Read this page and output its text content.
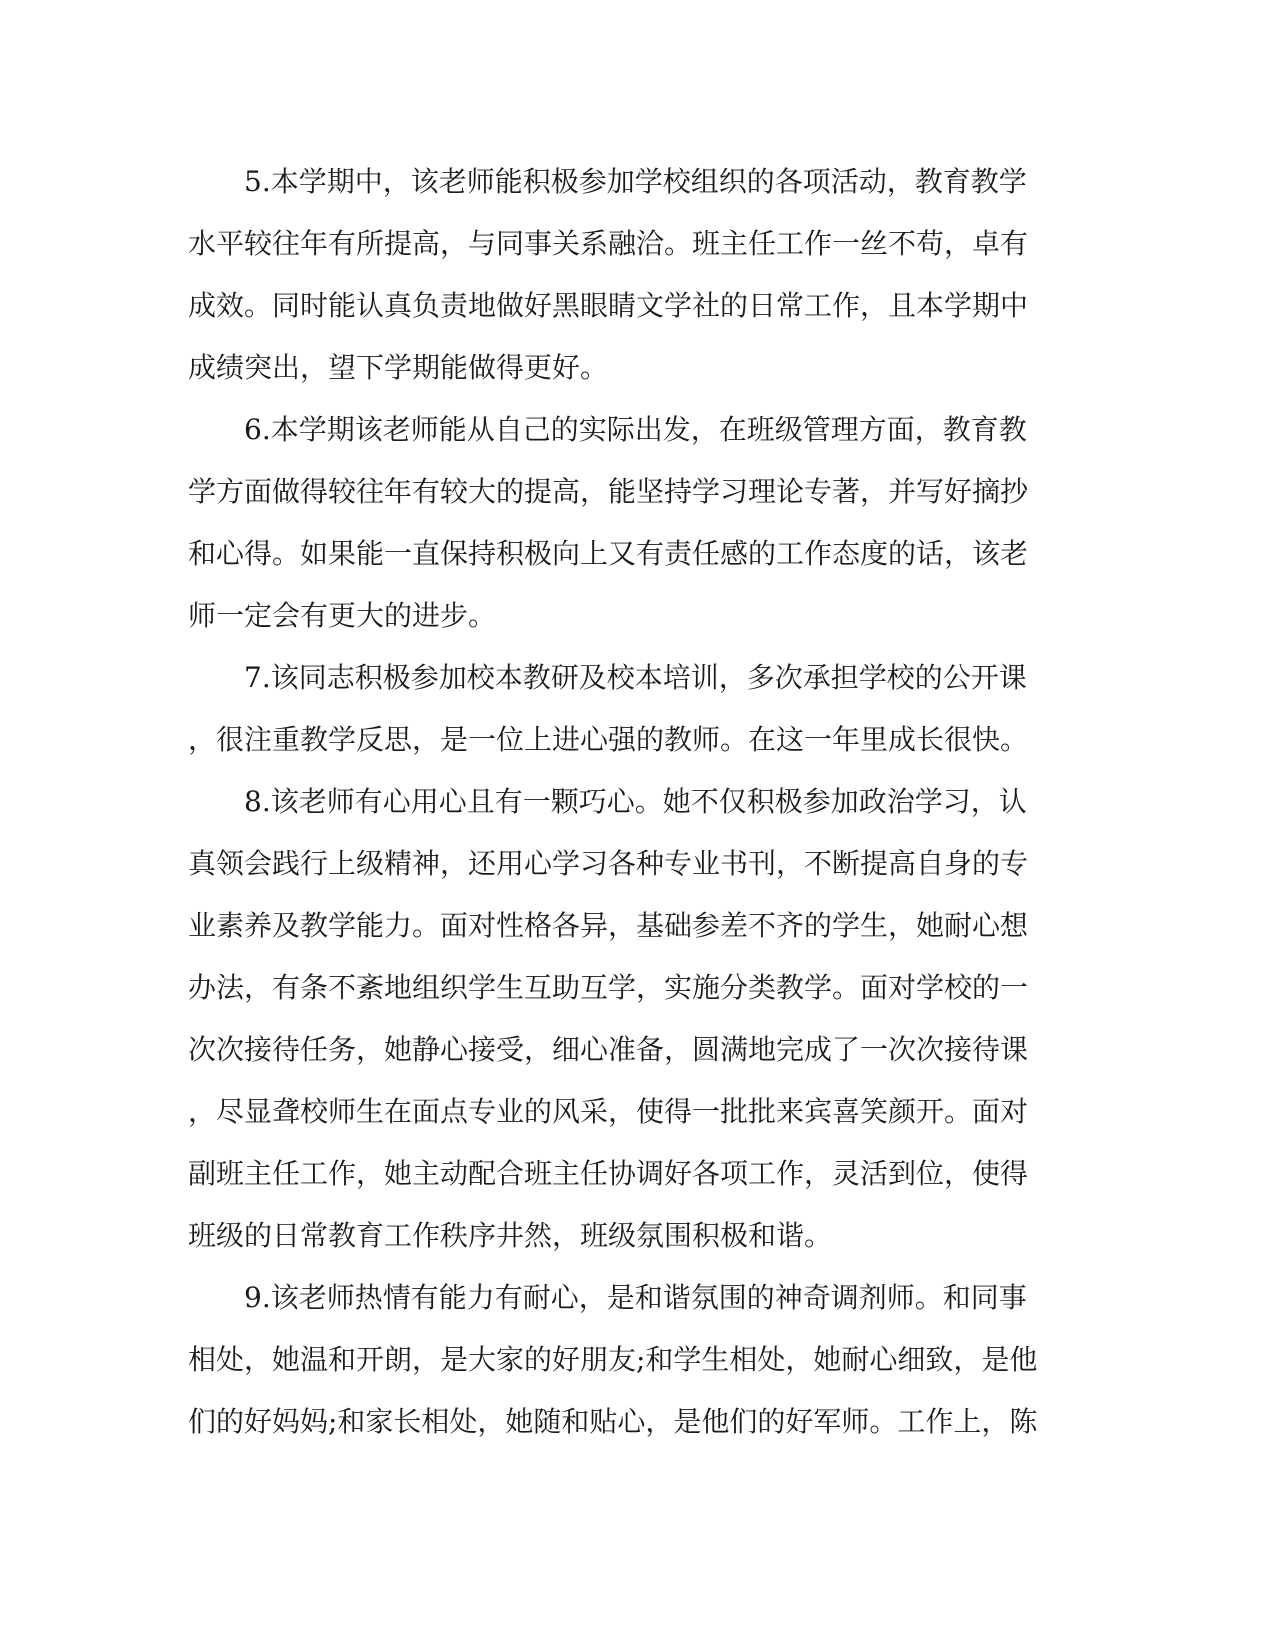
　　5.本学期中，该老师能积极参加学校组织的各项活动，教育教学
水平较往年有所提高，与同事关系融洽。班主任工作一丝不苟，卓有
成效。同时能认真负责地做好黑眼睛文学社的日常工作，且本学期中
成绩突出，望下学期能做得更好。
　　6.本学期该老师能从自己的实际出发，在班级管理方面，教育教
学方面做得较往年有较大的提高，能坚持学习理论专著，并写好摘抄
和心得。如果能一直保持积极向上又有责任感的工作态度的话，该老
师一定会有更大的进步。
　　7.该同志积极参加校本教研及校本培训，多次承担学校的公开课
，很注重教学反思，是一位上进心强的教师。在这一年里成长很快。
　　8.该老师有心用心且有一颗巧心。她不仅积极参加政治学习，认
真领会践行上级精神，还用心学习各种专业书刊，不断提高自身的专
业素养及教学能力。面对性格各异，基础参差不齐的学生，她耐心想
办法，有条不紊地组织学生互助互学，实施分类教学。面对学校的一
次次接待任务，她静心接受，细心准备，圆满地完成了一次次接待课
，尽显聋校师生在面点专业的风采，使得一批批来宾喜笑颜开。面对
副班主任工作，她主动配合班主任协调好各项工作，灵活到位，使得
班级的日常教育工作秩序井然，班级氛围积极和谐。
　　9.该老师热情有能力有耐心，是和谐氛围的神奇调剂师。和同事
相处，她温和开朗，是大家的好朋友;和学生相处，她耐心细致，是他
们的好妈妈;和家长相处，她随和贴心，是他们的好军师。工作上，陈
